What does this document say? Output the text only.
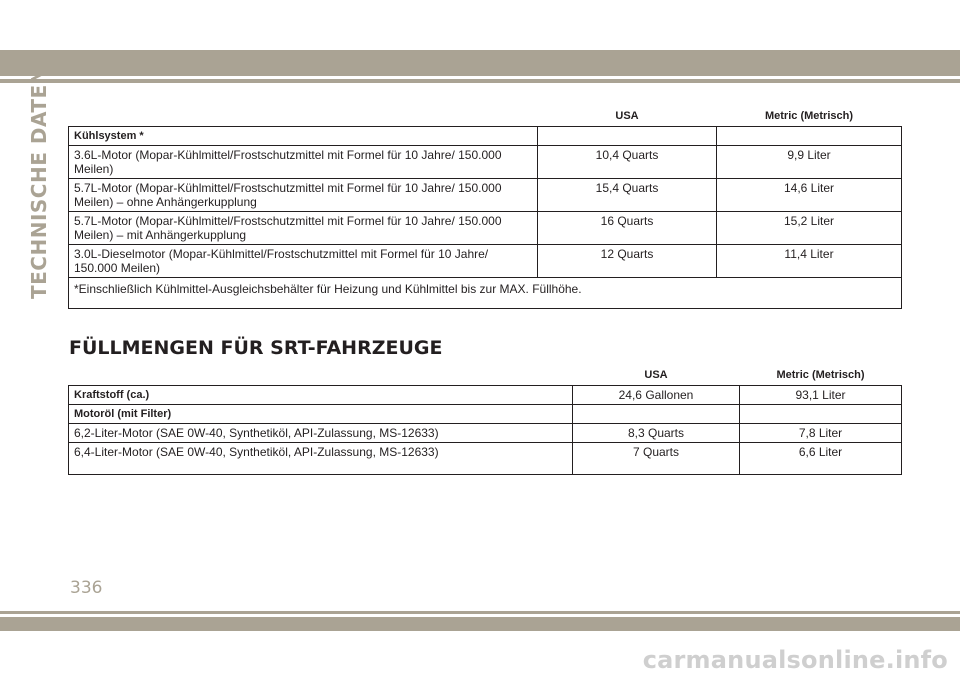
TECHNISCHE DATEN
		USA	Metric (Metrisch)
Kühlsystem *		
3.6L-Motor (Mopar-Kühlmittel/Frostschutzmittel mit Formel für 10 Jahre/ 150.000 Meilen)	10,4 Quarts	9,9 Liter
5.7L-Motor (Mopar-Kühlmittel/Frostschutzmittel mit Formel für 10 Jahre/ 150.000 Meilen) – ohne Anhängerkupplung	15,4 Quarts	14,6 Liter
5.7L-Motor (Mopar-Kühlmittel/Frostschutzmittel mit Formel für 10 Jahre/ 150.000 Meilen) – mit Anhängerkupplung	16 Quarts	15,2 Liter
3.0L-Dieselmotor (Mopar-Kühlmittel/Frostschutzmittel mit Formel für 10 Jahre/ 150.000 Meilen)	12 Quarts	11,4 Liter
*Einschließlich Kühlmittel-Ausgleichsbehälter für Heizung und Kühlmittel bis zur MAX. Füllhöhe.		
FÜLLMENGEN FÜR SRT-FAHRZEUGE
	USA	Metric (Metrisch)
Kraftstoff (ca.)	24,6 Gallonen	93,1 Liter
Motoröl (mit Filter)		
6,2-Liter-Motor (SAE 0W-40, Synthetiköl, API-Zulassung, MS-12633)	8,3 Quarts	7,8 Liter
6,4-Liter-Motor (SAE 0W-40, Synthetiköl, API-Zulassung, MS-12633)	7 Quarts	6,6 Liter
336
carmanualsonline.info
